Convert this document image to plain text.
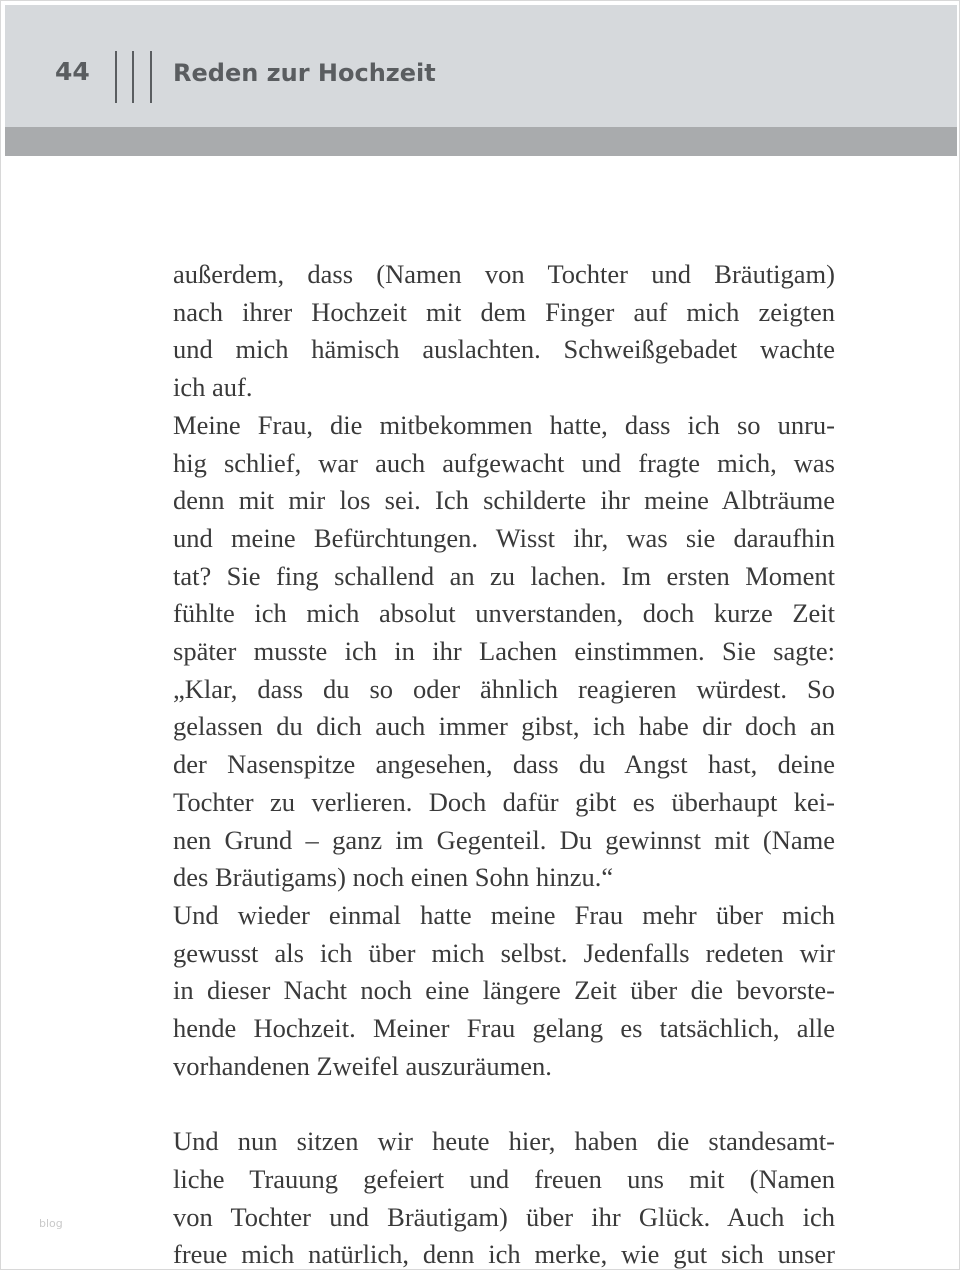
44	Reden zur Hochzeit
außerdem, dass (Namen von Tochter und Bräutigam)
nach ihrer Hochzeit mit dem Finger auf mich zeigten
und mich hämisch auslachten. Schweißgebadet wachte
ich auf.
Meine Frau, die mitbekommen hatte, dass ich so unru-
hig schlief, war auch aufgewacht und fragte mich, was
denn mit mir los sei. Ich schilderte ihr meine Albträume
und meine Befürchtungen. Wisst ihr, was sie daraufhin
tat? Sie fing schallend an zu lachen. Im ersten Moment
fühlte ich mich absolut unverstanden, doch kurze Zeit
später musste ich in ihr Lachen einstimmen. Sie sagte:
„Klar, dass du so oder ähnlich reagieren würdest. So
gelassen du dich auch immer gibst, ich habe dir doch an
der Nasenspitze angesehen, dass du Angst hast, deine
Tochter zu verlieren. Doch dafür gibt es überhaupt kei-
nen Grund – ganz im Gegenteil. Du gewinnst mit (Name
des Bräutigams) noch einen Sohn hinzu.“
Und wieder einmal hatte meine Frau mehr über mich
gewusst als ich über mich selbst. Jedenfalls redeten wir
in dieser Nacht noch eine längere Zeit über die bevorste-
hende Hochzeit. Meiner Frau gelang es tatsächlich, alle
vorhandenen Zweifel auszuräumen.
Und nun sitzen wir heute hier, haben die standesamt-
liche Trauung gefeiert und freuen uns mit (Namen
von Tochter und Bräutigam) über ihr Glück. Auch ich
freue mich natürlich, denn ich merke, wie gut sich unser
blog
